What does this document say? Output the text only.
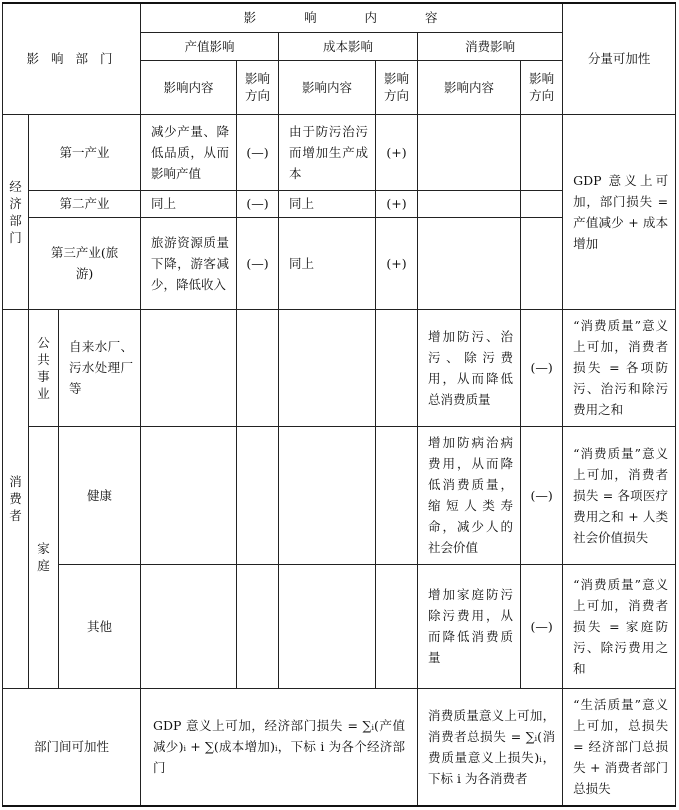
影 响 部 门			影 响 内 容						分量可加性
			产值影响		成本影响		消费影响		
			影响内容	影响方向	影响内容	影响方向	影响内容	影响方向	
经济部门	第一产业		减少产量、降低品质，从而影响产值	(—)	由于防污治污而增加生产成本	(+)			GDP 意义上可加，部门损失 = 产值减少 + 成本增加
	第二产业		同上	(—)	同上	(+)			
	第三产业(旅游)		旅游资源质量下降，游客减少，降低收入	(—)	同上	(+)			
消费者	公共事业	自来水厂、污水处理厂等					增加防污、治污、除污费用，从而降低总消费质量	(—)	“消费质量”意义上可加，消费者损失 = 各项防污、治污和除污费用之和
	家庭	健康					增加防病治病费用，从而降低消费质量，缩短人类寿命，减少人的社会价值	(—)	“消费质量”意义上可加，消费者损失 = 各项医疗费用之和 + 人类社会价值损失
		其他					增加家庭防污除污费用，从而降低消费质量	(—)	“消费质量”意义上可加，消费者损失 = 家庭防污、除污费用之和
部门间可加性			GDP 意义上可加，经济部门损失 = ∑ᵢ(产值减少)ᵢ + ∑(成本增加)ᵢ，下标 i 为各个经济部门				消费质量意义上可加，消费者总损失 = ∑ᵢ(消费质量意义上损失)ᵢ，下标 i 为各消费者		“生活质量”意义上可加，总损失 = 经济部门总损失 + 消费者部门总损失
